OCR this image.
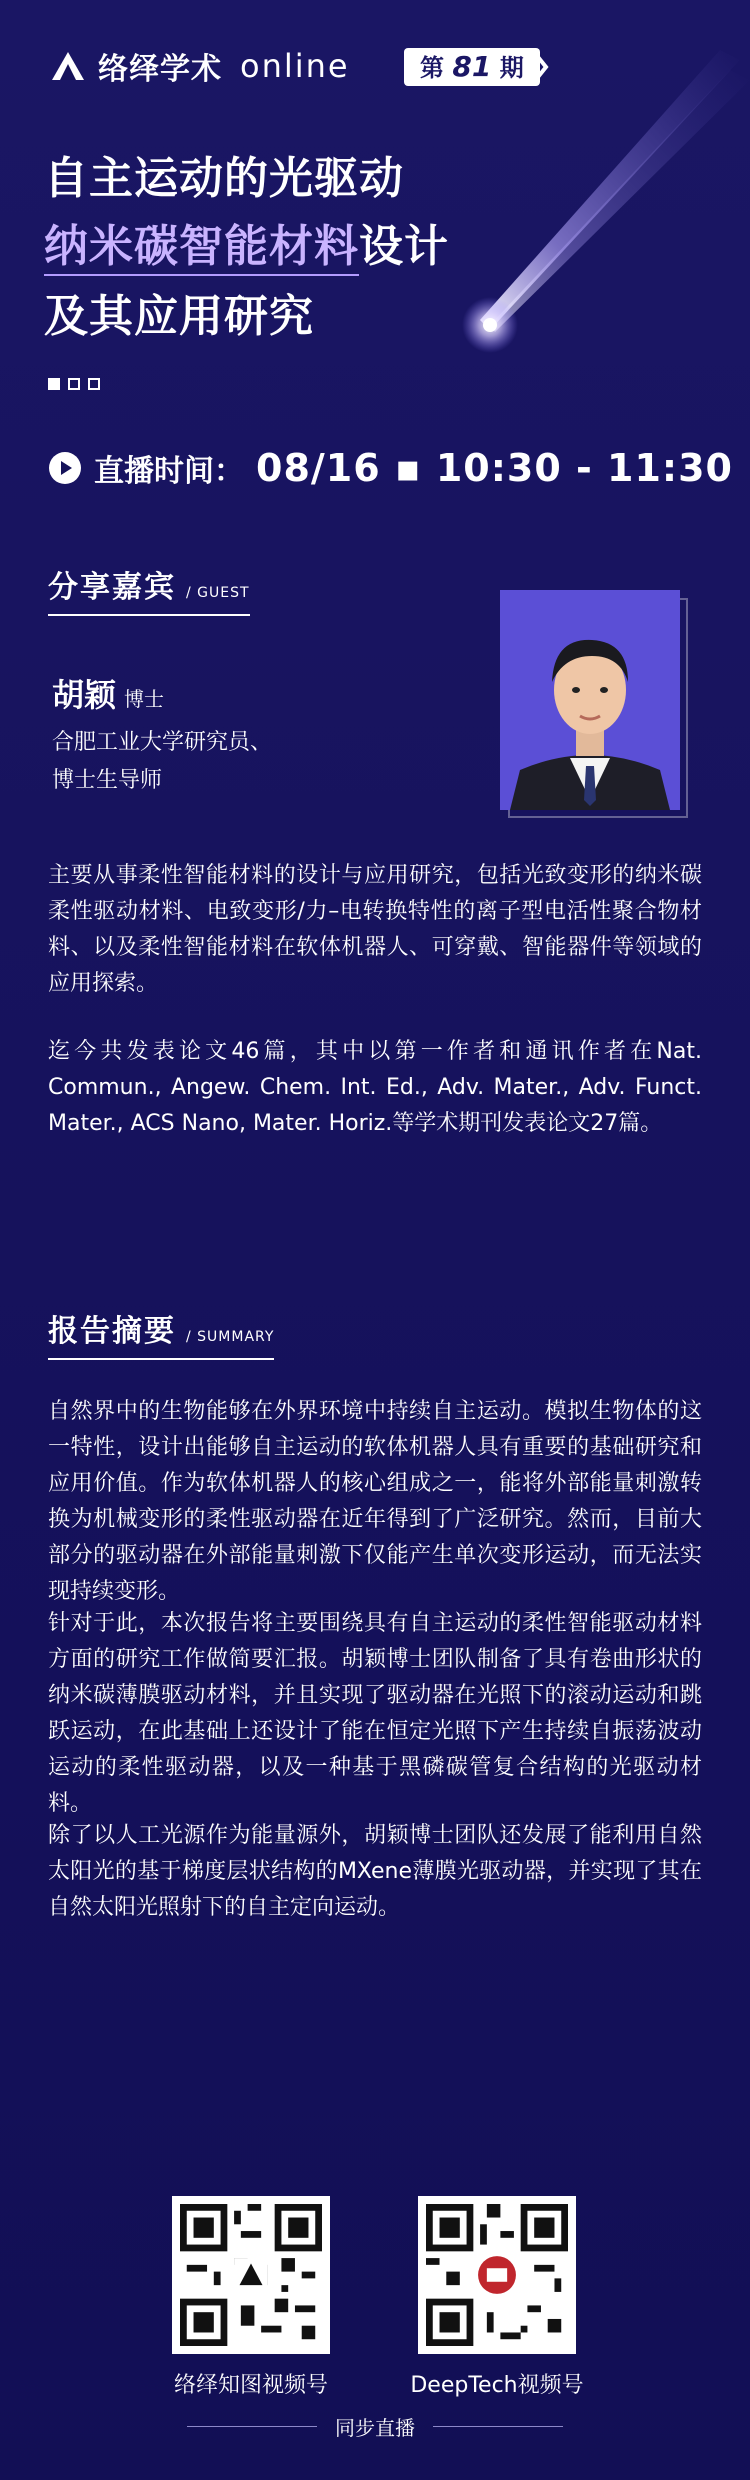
络绎学术 online	第 81 期
自主运动的光驱动
纳米碳智能材料设计
及其应用研究
直播时间： 08/16 ▪ 10:30 - 11:30
分享嘉宾 / GUEST
胡颖 博士
合肥工业大学研究员、
博士生导师
主要从事柔性智能材料的设计与应用研究，包括光致变形的纳米碳柔性驱动材料、电致变形/力–电转换特性的离子型电活性聚合物材料、以及柔性智能材料在软体机器人、可穿戴、智能器件等领域的应用探索。
迄今共发表论文46篇，其中以第一作者和通讯作者在Nat. Commun., Angew. Chem. Int. Ed., Adv. Mater., Adv. Funct. Mater., ACS Nano, Mater. Horiz.等学术期刊发表论文27篇。
报告摘要 / SUMMARY
自然界中的生物能够在外界环境中持续自主运动。模拟生物体的这一特性，设计出能够自主运动的软体机器人具有重要的基础研究和应用价值。作为软体机器人的核心组成之一，能将外部能量刺激转换为机械变形的柔性驱动器在近年得到了广泛研究。然而，目前大部分的驱动器在外部能量刺激下仅能产生单次变形运动，而无法实现持续变形。
针对于此，本次报告将主要围绕具有自主运动的柔性智能驱动材料方面的研究工作做简要汇报。胡颖博士团队制备了具有卷曲形状的纳米碳薄膜驱动材料，并且实现了驱动器在光照下的滚动运动和跳跃运动，在此基础上还设计了能在恒定光照下产生持续自振荡波动运动的柔性驱动器，以及一种基于黑磷碳管复合结构的光驱动材料。
除了以人工光源作为能量源外，胡颖博士团队还发展了能利用自然太阳光的基于梯度层状结构的MXene薄膜光驱动器，并实现了其在自然太阳光照射下的自主定向运动。
络绎知图视频号	DeepTech视频号
同步直播
